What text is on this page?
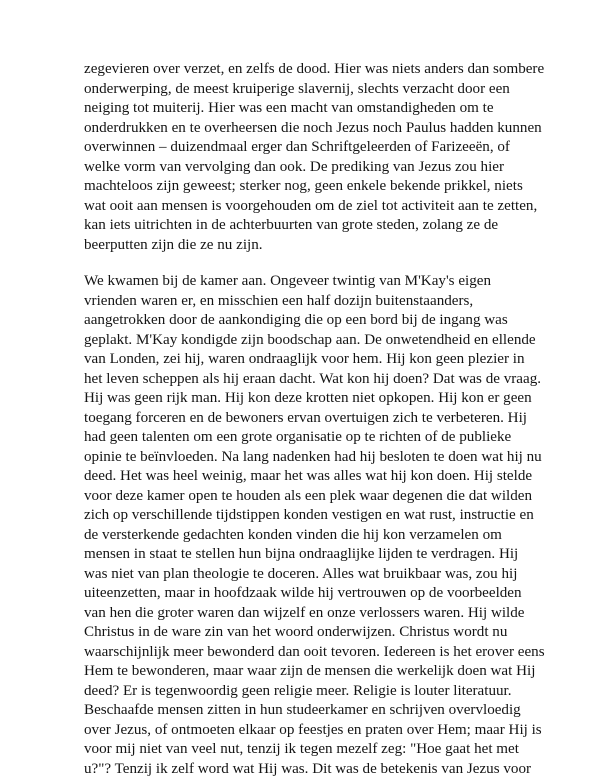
zegevieren over verzet, en zelfs de dood. Hier was niets anders dan sombere
onderwerping, de meest kruiperige slavernij, slechts verzacht door een
neiging tot muiterij. Hier was een macht van omstandigheden om te
onderdrukken en te overheersen die noch Jezus noch Paulus hadden kunnen
overwinnen – duizendmaal erger dan Schriftgeleerden of Farizeeën, of
welke vorm van vervolging dan ook. De prediking van Jezus zou hier
machteloos zijn geweest; sterker nog, geen enkele bekende prikkel, niets
wat ooit aan mensen is voorgehouden om de ziel tot activiteit aan te zetten,
kan iets uitrichten in de achterbuurten van grote steden, zolang ze de
beerputten zijn die ze nu zijn.
We kwamen bij de kamer aan. Ongeveer twintig van M'Kay's eigen
vrienden waren er, en misschien een half dozijn buitenstaanders,
aangetrokken door de aankondiging die op een bord bij de ingang was
geplakt. M'Kay kondigde zijn boodschap aan. De onwetendheid en ellende
van Londen, zei hij, waren ondraaglijk voor hem. Hij kon geen plezier in
het leven scheppen als hij eraan dacht. Wat kon hij doen? Dat was de vraag.
Hij was geen rijk man. Hij kon deze krotten niet opkopen. Hij kon er geen
toegang forceren en de bewoners ervan overtuigen zich te verbeteren. Hij
had geen talenten om een grote organisatie op te richten of de publieke
opinie te beïnvloeden. Na lang nadenken had hij besloten te doen wat hij nu
deed. Het was heel weinig, maar het was alles wat hij kon doen. Hij stelde
voor deze kamer open te houden als een plek waar degenen die dat wilden
zich op verschillende tijdstippen konden vestigen en wat rust, instructie en
de versterkende gedachten konden vinden die hij kon verzamelen om
mensen in staat te stellen hun bijna ondraaglijke lijden te verdragen. Hij
was niet van plan theologie te doceren. Alles wat bruikbaar was, zou hij
uiteenzetten, maar in hoofdzaak wilde hij vertrouwen op de voorbeelden
van hen die groter waren dan wijzelf en onze verlossers waren. Hij wilde
Christus in de ware zin van het woord onderwijzen. Christus wordt nu
waarschijnlijk meer bewonderd dan ooit tevoren. Iedereen is het erover eens
Hem te bewonderen, maar waar zijn de mensen die werkelijk doen wat Hij
deed? Er is tegenwoordig geen religie meer. Religie is louter literatuur.
Beschaafde mensen zitten in hun studeerkamer en schrijven overvloedig
over Jezus, of ontmoeten elkaar op feestjes en praten over Hem; maar Hij is
voor mij niet van veel nut, tenzij ik tegen mezelf zeg: "Hoe gaat het met
u?"? Tenzij ik zelf word wat Hij was. Dit was de betekenis van Jezus voor
